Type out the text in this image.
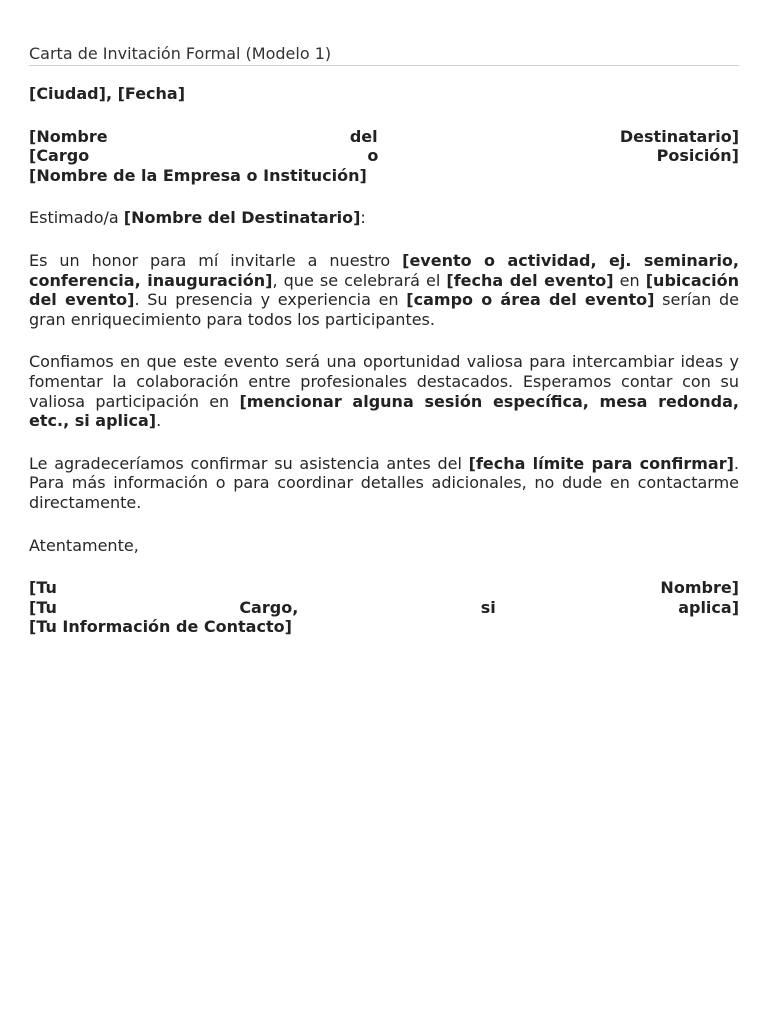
Carta de Invitación Formal (Modelo 1)
[Ciudad], [Fecha]
[Nombre del Destinatario]
[Cargo o Posición]
[Nombre de la Empresa o Institución]
Estimado/a [Nombre del Destinatario]:
Es un honor para mí invitarle a nuestro [evento o actividad, ej. seminario, conferencia, inauguración], que se celebrará el [fecha del evento] en [ubicación del evento]. Su presencia y experiencia en [campo o área del evento] serían de gran enriquecimiento para todos los participantes.
Confiamos en que este evento será una oportunidad valiosa para intercambiar ideas y fomentar la colaboración entre profesionales destacados. Esperamos contar con su valiosa participación en [mencionar alguna sesión específica, mesa redonda, etc., si aplica].
Le agradeceríamos confirmar su asistencia antes del [fecha límite para confirmar]. Para más información o para coordinar detalles adicionales, no dude en contactarme directamente.
Atentamente,
[Tu Nombre]
[Tu Cargo, si aplica]
[Tu Información de Contacto]
